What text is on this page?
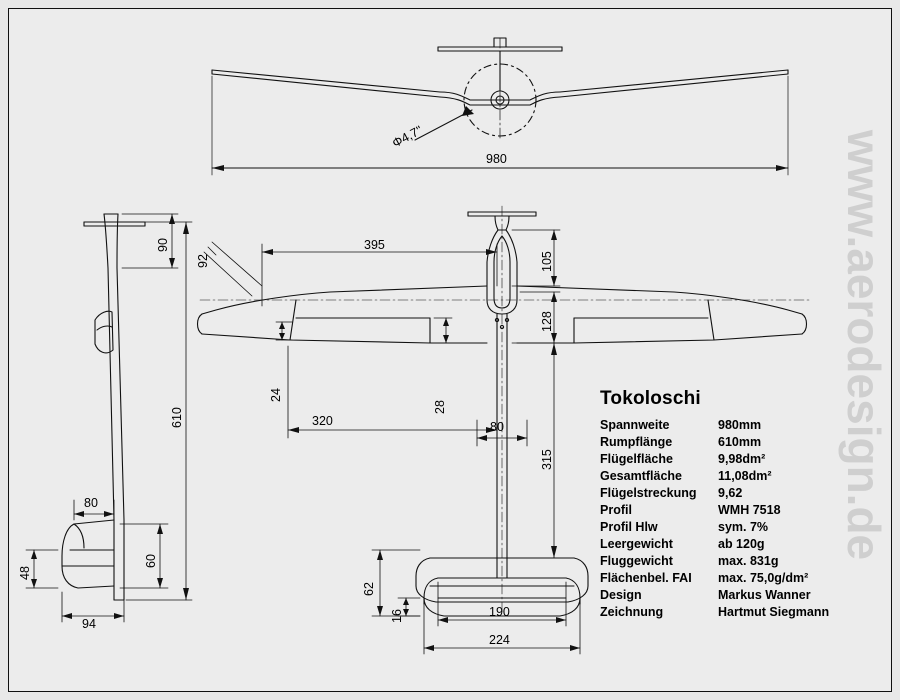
980
Φ4,7"
90
610
80
60
48
94
395
92	105
128
24
28
320	80
315
62
16	190
224
Tokoloschi
Spannweite	980mm
Rumpflänge	610mm
Flügelfläche	9,98dm²
Gesamtfläche	11,08dm²
Flügelstreckung	9,62
Profil	WMH 7518
Profil Hlw	sym. 7%
Leergewicht	ab 120g
Fluggewicht	max. 831g
Flächenbel. FAI	max. 75,0g/dm²
Design	Markus Wanner
Zeichnung	Hartmut Siegmann
www.aerodesign.de
